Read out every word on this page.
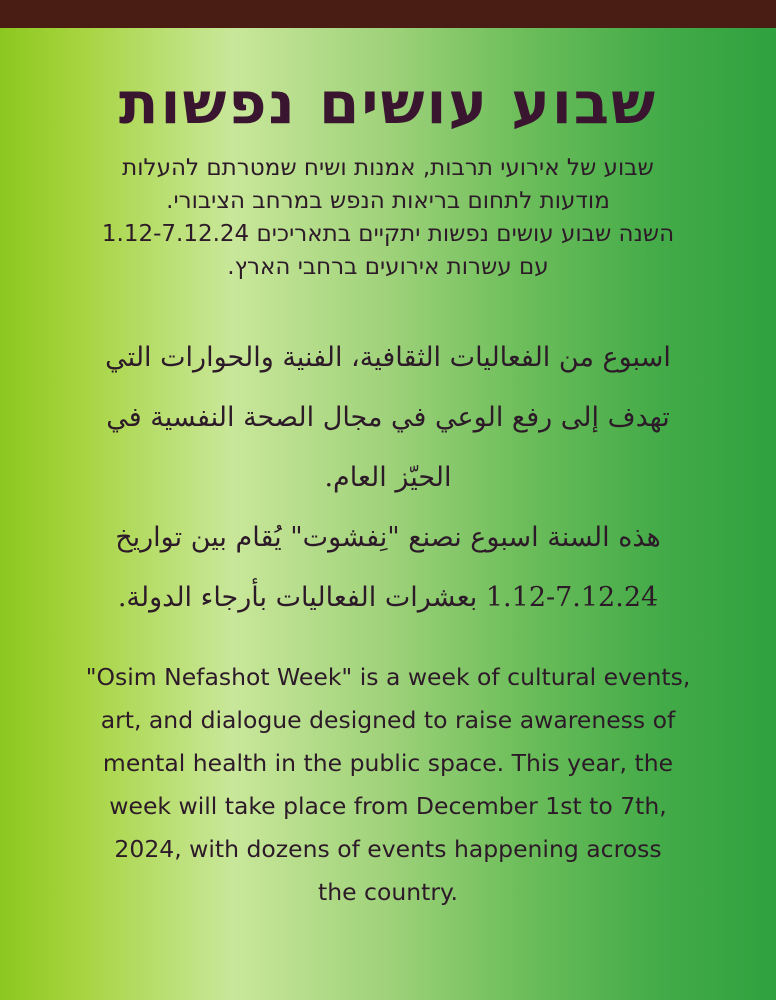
שבוע עושים נפשות

שבוע של אירועי תרבות, אמנות ושיח שמטרתם להעלות

מודעות לתחום בריאות הנפש במרחב הציבורי.

השנה שבוע עושים נפשות יתקיים בתאריכים 1.12-7.12.24

עם עשרות אירועים ברחבי הארץ.

اسبوع من الفعاليات الثقافية، الفنية والحوارات التي

تهدف إلى رفع الوعي في مجال الصحة النفسية في

الحيّز العام.

هذه السنة اسبوع نصنع "نِفشوت" يُقام بين تواريخ

1.12-7.12.24 بعشرات الفعاليات بأرجاء الدولة.

"Osim Nefashot Week" is a week of cultural events,
art, and dialogue designed to raise awareness of
mental health in the public space. This year, the
week will take place from December 1st to 7th,
2024, with dozens of events happening across
the country.
